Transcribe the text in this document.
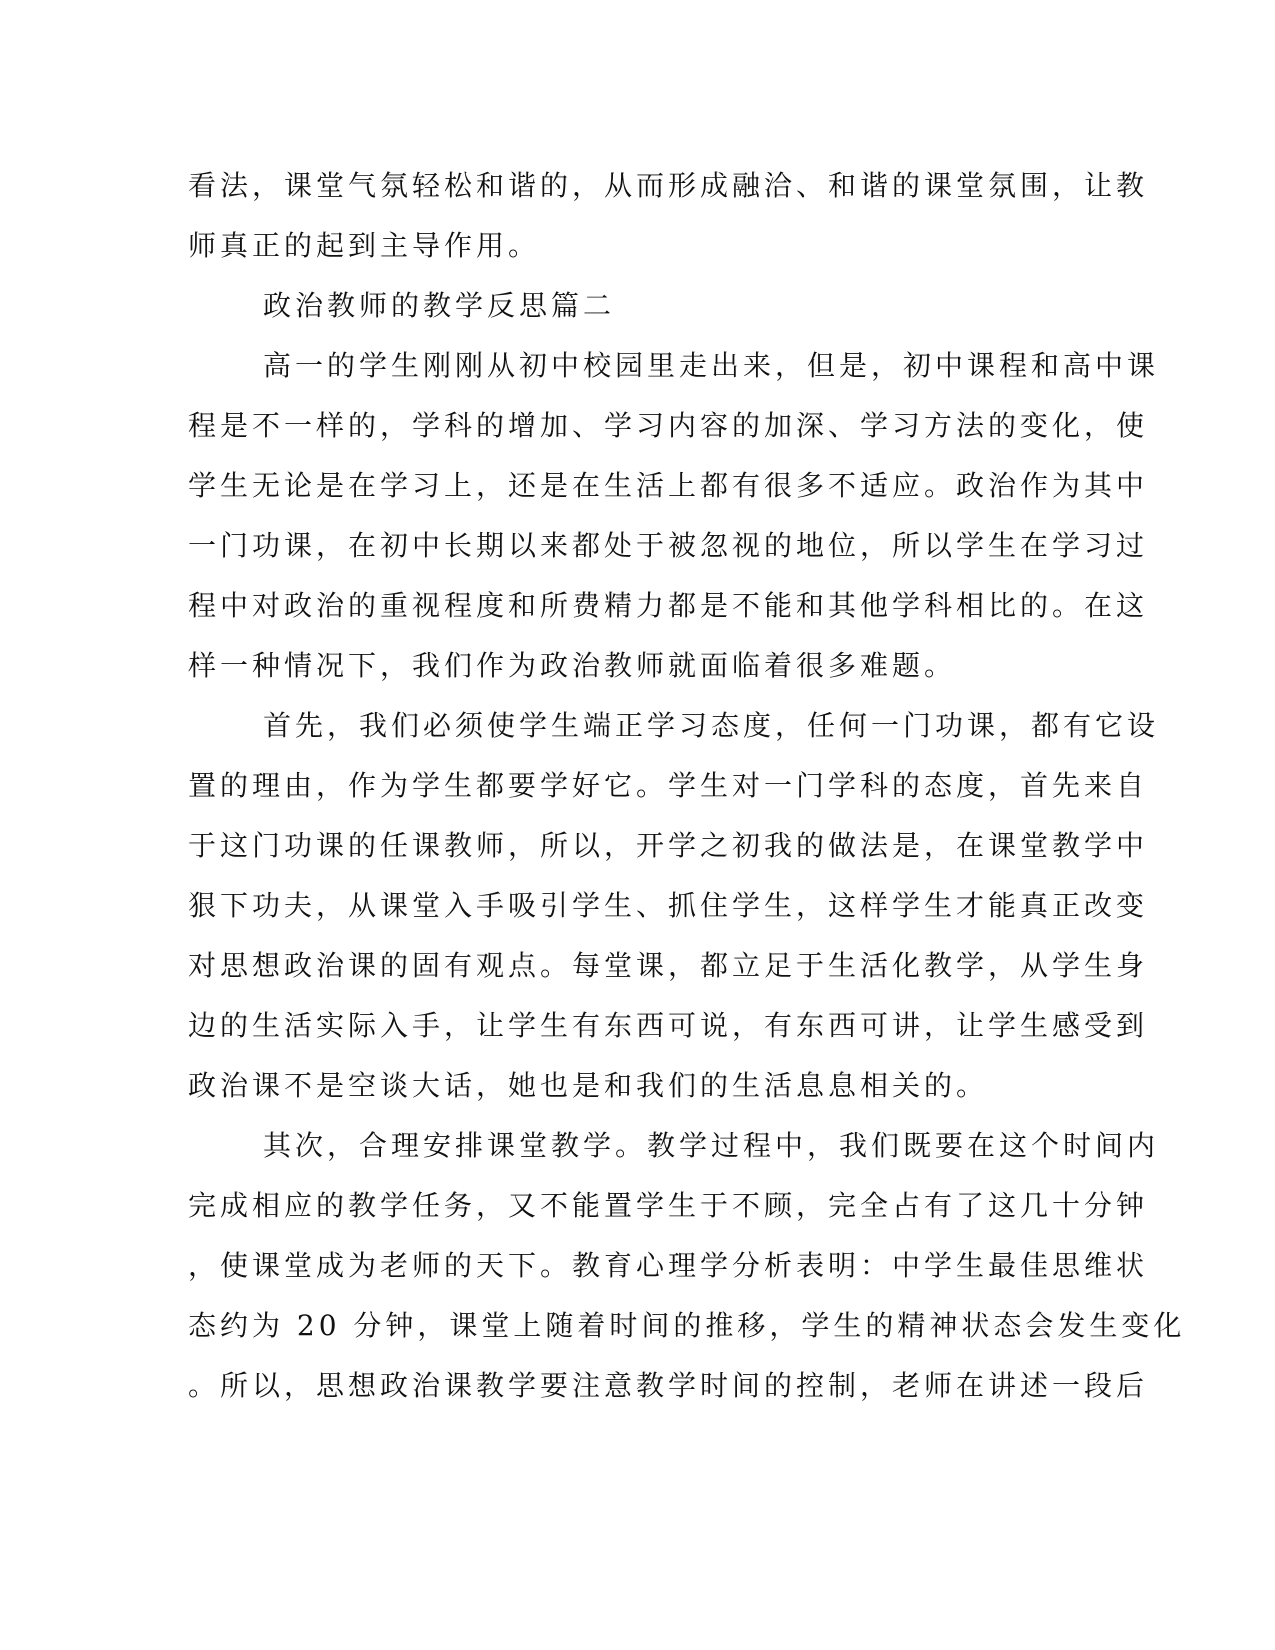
看法，课堂气氛轻松和谐的，从而形成融洽、和谐的课堂氛围，让教
师真正的起到主导作用。
政治教师的教学反思篇二
高一的学生刚刚从初中校园里走出来，但是，初中课程和高中课
程是不一样的，学科的增加、学习内容的加深、学习方法的变化，使
学生无论是在学习上，还是在生活上都有很多不适应。政治作为其中
一门功课，在初中长期以来都处于被忽视的地位，所以学生在学习过
程中对政治的重视程度和所费精力都是不能和其他学科相比的。在这
样一种情况下，我们作为政治教师就面临着很多难题。
首先，我们必须使学生端正学习态度，任何一门功课，都有它设
置的理由，作为学生都要学好它。学生对一门学科的态度，首先来自
于这门功课的任课教师，所以，开学之初我的做法是，在课堂教学中
狠下功夫，从课堂入手吸引学生、抓住学生，这样学生才能真正改变
对思想政治课的固有观点。每堂课，都立足于生活化教学，从学生身
边的生活实际入手，让学生有东西可说，有东西可讲，让学生感受到
政治课不是空谈大话，她也是和我们的生活息息相关的。
其次，合理安排课堂教学。教学过程中，我们既要在这个时间内
完成相应的教学任务，又不能置学生于不顾，完全占有了这几十分钟
，使课堂成为老师的天下。教育心理学分析表明：中学生最佳思维状
态约为 20 分钟，课堂上随着时间的推移，学生的精神状态会发生变化
。所以，思想政治课教学要注意教学时间的控制，老师在讲述一段后
